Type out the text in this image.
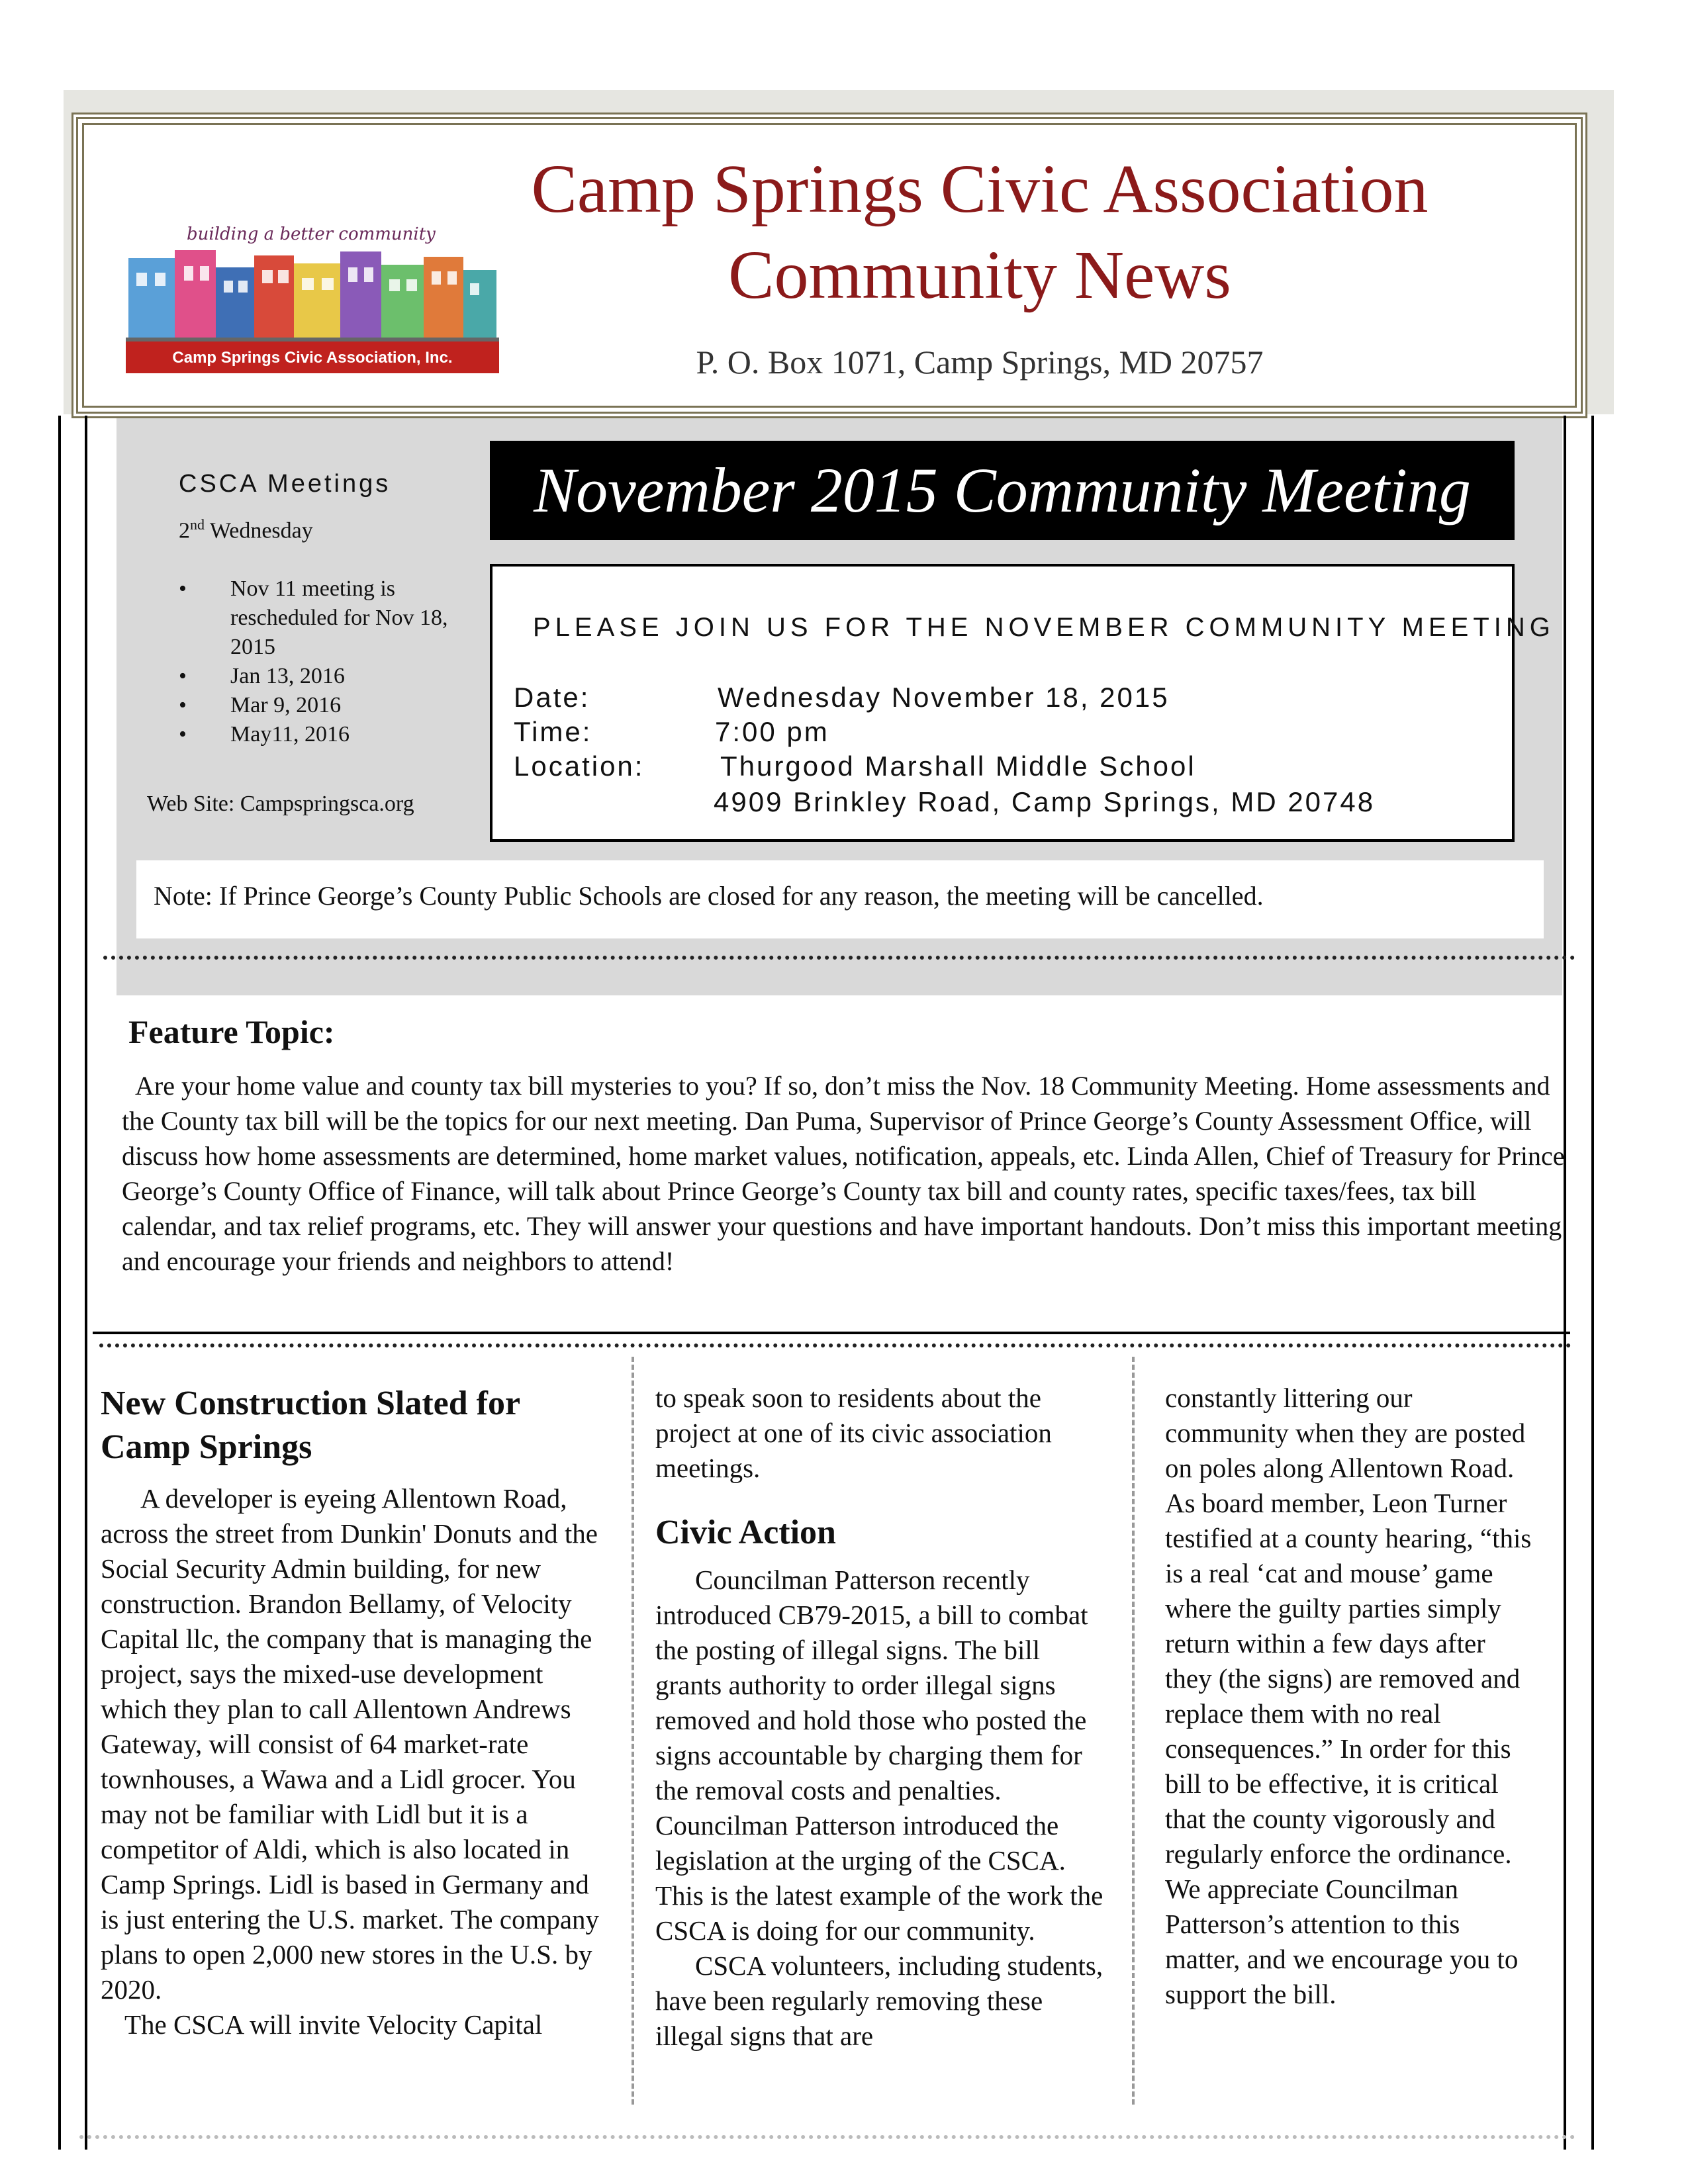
building a better community
Camp Springs Civic Association, Inc.
Camp Springs Civic Association
Community News
P. O. Box 1071, Camp Springs, MD 20757
CSCA Meetings
2nd Wednesday
• Nov 11 meeting is rescheduled for Nov 18, 2015
• Jan 13, 2016
• Mar 9, 2016
• May11, 2016
Web Site: Campspringsca.org
November 2015 Community Meeting
PLEASE JOIN US FOR THE NOVEMBER COMMUNITY MEETING
Date:	Wednesday November 18, 2015
Time:	7:00 pm
Location:	Thurgood Marshall Middle School
4909 Brinkley Road, Camp Springs, MD 20748
Note: If Prince George’s County Public Schools are closed for any reason, the meeting will be cancelled.
Feature Topic:
Are your home value and county tax bill mysteries to you? If so, don’t miss the Nov. 18 Community Meeting. Home assessments and the County tax bill will be the topics for our next meeting. Dan Puma, Supervisor of Prince George’s County Assessment Office, will discuss how home assessments are determined, home market values, notification, appeals, etc. Linda Allen, Chief of Treasury for Prince George’s County Office of Finance, will talk about Prince George’s County tax bill and county rates, specific taxes/fees, tax bill calendar, and tax relief programs, etc. They will answer your questions and have important handouts. Don’t miss this important meeting and encourage your friends and neighbors to attend!
New Construction Slated for Camp Springs

A developer is eyeing Allentown Road, across the street from Dunkin' Donuts and the Social Security Admin building, for new construction. Brandon Bellamy, of Velocity Capital llc, the company that is managing the project, says the mixed-use development which they plan to call Allentown Andrews Gateway, will consist of 64 market-rate townhouses, a Wawa and a Lidl grocer. You may not be familiar with Lidl but it is a competitor of Aldi, which is also located in Camp Springs. Lidl is based in Germany and is just entering the U.S. market. The company plans to open 2,000 new stores in the U.S. by 2020.

The CSCA will invite Velocity Capital

to speak soon to residents about the project at one of its civic association meetings.

Civic Action

Councilman Patterson recently introduced CB79-2015, a bill to combat the posting of illegal signs. The bill grants authority to order illegal signs removed and hold those who posted the signs accountable by charging them for the removal costs and penalties. Councilman Patterson introduced the legislation at the urging of the CSCA. This is the latest example of the work the CSCA is doing for our community.

CSCA volunteers, including students, have been regularly removing these illegal signs that are

constantly littering our community when they are posted on poles along Allentown Road. As board member, Leon Turner testified at a county hearing, “this is a real ‘cat and mouse’ game where the guilty parties simply return within a few days after they (the signs) are removed and replace them with no real consequences.” In order for this bill to be effective, it is critical that the county vigorously and regularly enforce the ordinance. We appreciate Councilman Patterson’s attention to this matter, and we encourage you to support the bill.
